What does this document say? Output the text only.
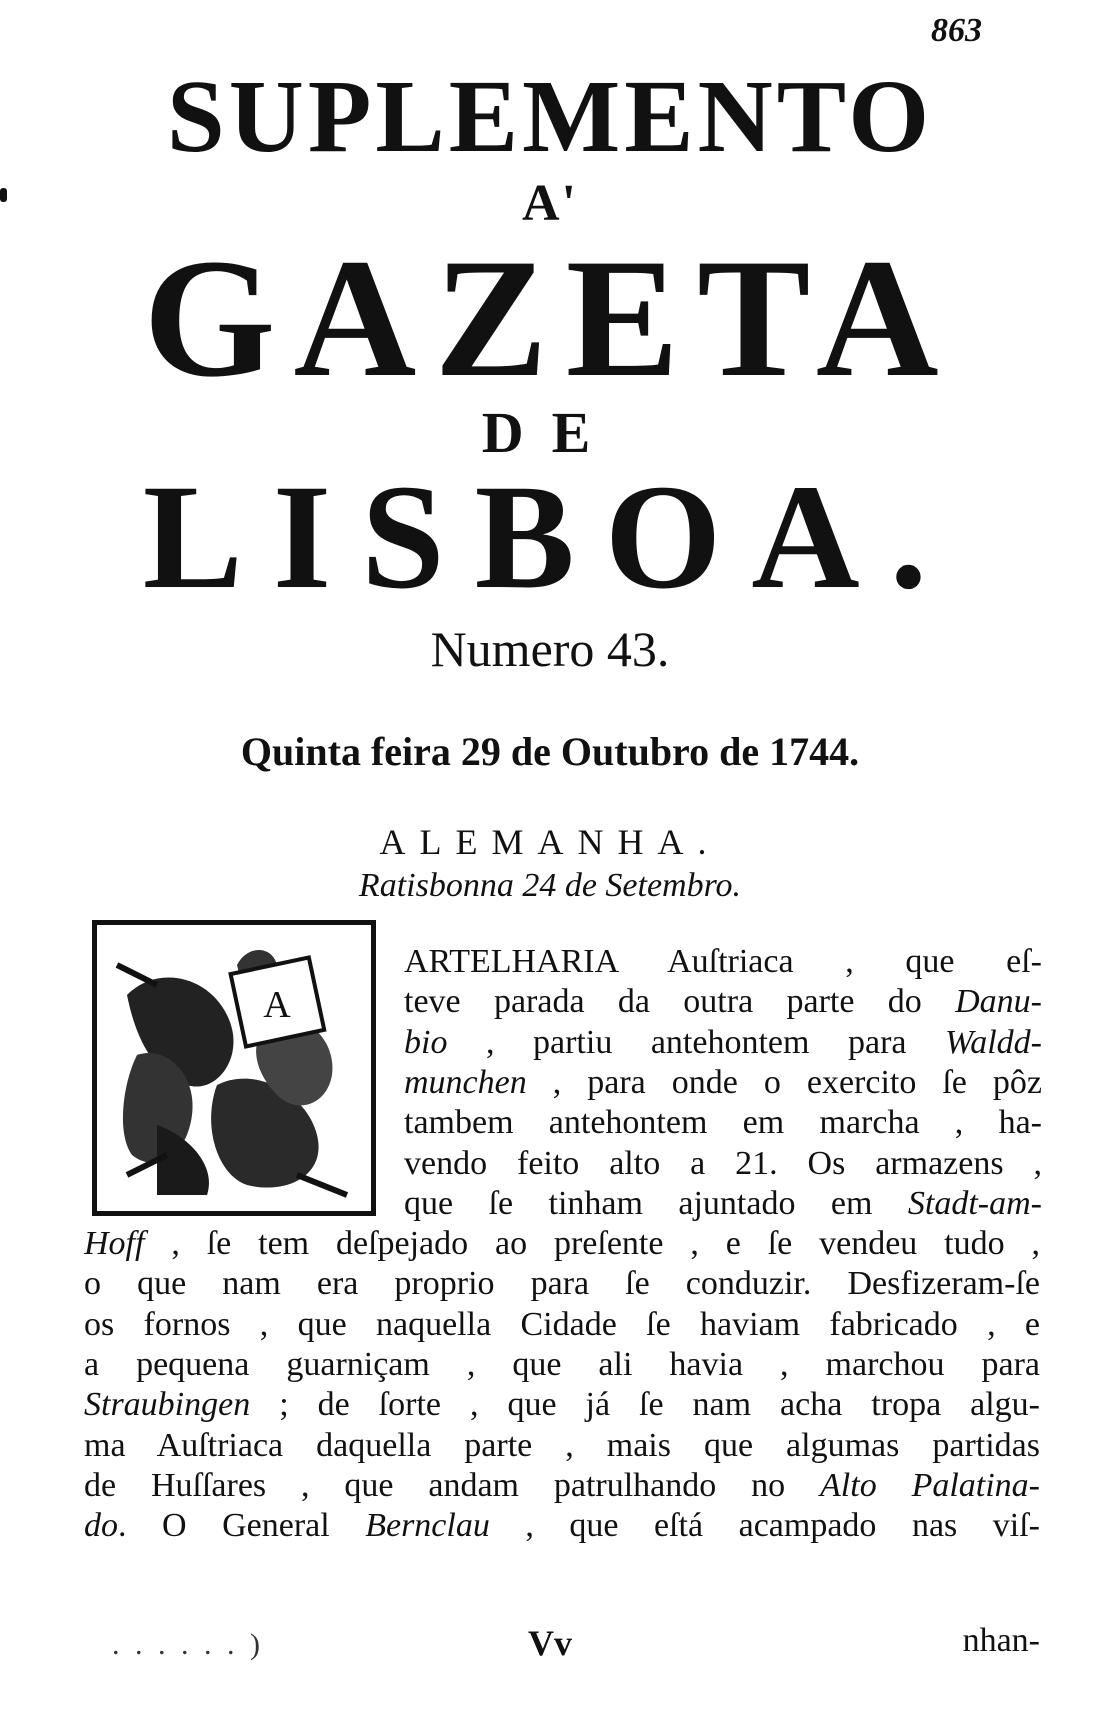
863
SUPLEMENTO
A'
GAZETA
DE
LISBOA.
Numero 43.
Quinta feira 29 de Outubro de 1744.
ALEMANHA.
Ratisbonna 24 de Setembro.
A
ARTELHARIA Auſtriaca , que eſ-
teve parada da outra parte do Danu-
bio , partiu antehontem para Waldd-
munchen , para onde o exercito ſe pôz
tambem antehontem em marcha , ha-
vendo feito alto a 21. Os armazens ,
que ſe tinham ajuntado em Stadt-am-
Hoff , ſe tem deſpejado ao preſente , e ſe vendeu tudo ,
o que nam era proprio para ſe conduzir. Desfizeram-ſe
os fornos , que naquella Cidade ſe haviam fabricado , e
a pequena guarniçam , que ali havia , marchou para
Straubingen ; de ſorte , que já ſe nam acha tropa algu-
ma Auſtriaca daquella parte , mais que algumas partidas
de Huſſares , que andam patrulhando no Alto Palatina-
do. O General Bernclau , que eſtá acampado nas viſ-
. . . . . . )	Vv	nhan-
